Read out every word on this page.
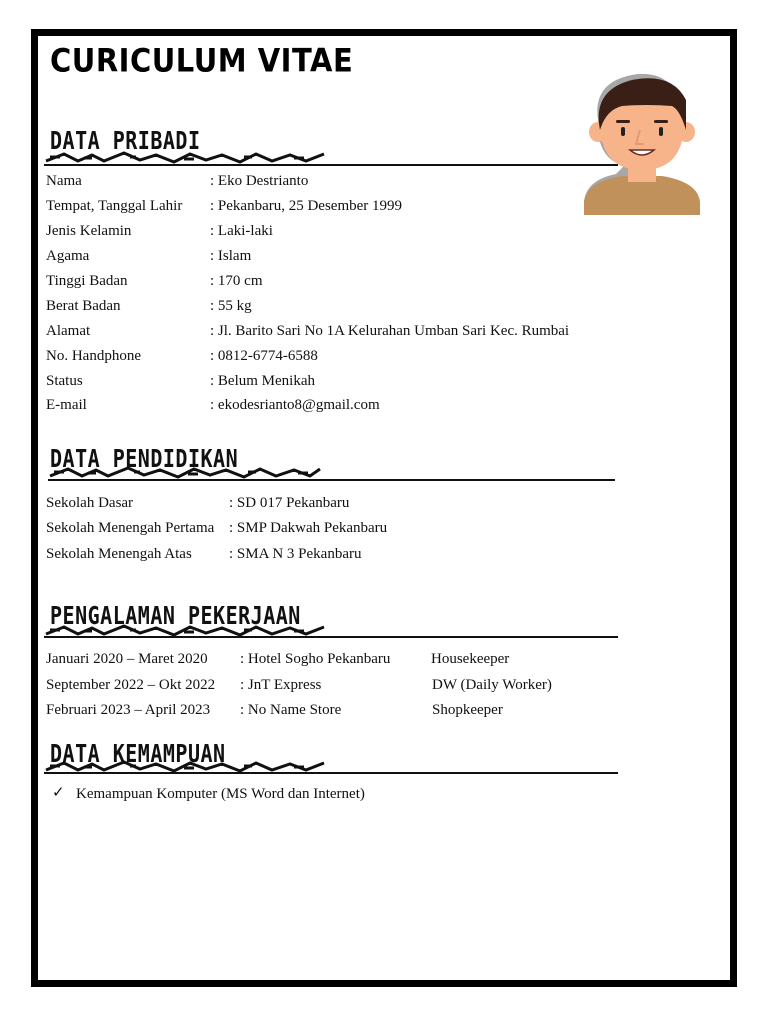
CURICULUM VITAE
DATA PRIBADI
Nama	: Eko Destrianto
Tempat, Tanggal Lahir : Pekanbaru, 25 Desember 1999
Jenis Kelamin	: Laki-laki
Agama	: Islam
Tinggi Badan	: 170 cm
Berat Badan	: 55 kg
Alamat	: Jl. Barito Sari No 1A Kelurahan Umban Sari Kec. Rumbai
No. Handphone	: 0812-6774-6588
Status	: Belum Menikah
E-mail	: ekodesrianto8@gmail.com
DATA PENDIDIKAN
Sekolah Dasar	: SD 017 Pekanbaru
Sekolah Menengah Pertama : SMP Dakwah Pekanbaru
Sekolah Menengah Atas : SMA N 3 Pekanbaru
PENGALAMAN PEKERJAAN
Januari 2020 – Maret 2020 : Hotel Sogho Pekanbaru	Housekeeper
September 2022 – Okt 2022 : JnT Express	DW (Daily Worker)
Februari 2023 – April 2023 : No Name Store	Shopkeeper
DATA KEMAMPUAN
✓ Kemampuan Komputer (MS Word dan Internet)
